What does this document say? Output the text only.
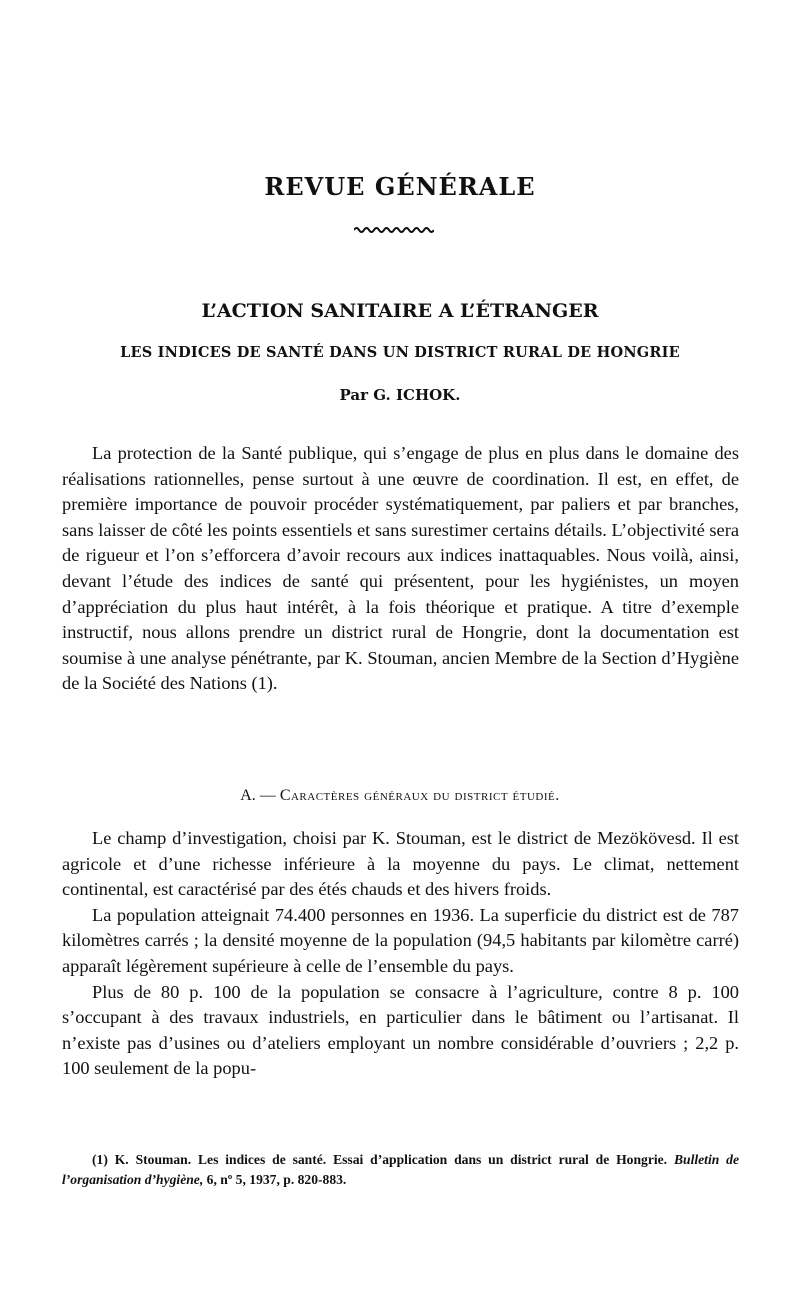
REVUE GÉNÉRALE
L’ACTION SANITAIRE A L’ÉTRANGER
LES INDICES DE SANTÉ DANS UN DISTRICT RURAL DE HONGRIE
Par G. ICHOK.

La protection de la Santé publique, qui s’engage de plus en plus dans le domaine des réalisations rationnelles, pense surtout à une œuvre de coordination. Il est, en effet, de première importance de pouvoir procéder systématiquement, par paliers et par branches, sans laisser de côté les points essentiels et sans surestimer certains détails. L’objectivité sera de rigueur et l’on s’efforcera d’avoir recours aux indices inattaquables. Nous voilà, ainsi, devant l’étude des indices de santé qui présentent, pour les hygiénistes, un moyen d’appréciation du plus haut intérêt, à la fois théorique et pratique. A titre d’exemple instructif, nous allons prendre un district rural de Hongrie, dont la documentation est soumise à une analyse pénétrante, par K. Stouman, ancien Membre de la Section d’Hygiène de la Société des Nations (1).

A. — Caractères généraux du district étudié.

Le champ d’investigation, choisi par K. Stouman, est le district de Mezökövesd. Il est agricole et d’une richesse inférieure à la moyenne du pays. Le climat, nettement continental, est caractérisé par des étés chauds et des hivers froids.

La population atteignait 74.400 personnes en 1936. La superficie du district est de 787 kilomètres carrés ; la densité moyenne de la population (94,5 habitants par kilomètre carré) apparaît légèrement supérieure à celle de l’ensemble du pays.

Plus de 80 p. 100 de la population se consacre à l’agriculture, contre 8 p. 100 s’occupant à des travaux industriels, en particulier dans le bâtiment ou l’artisanat. Il n’existe pas d’usines ou d’ateliers employant un nombre considérable d’ouvriers ; 2,2 p. 100 seulement de la popu-

(1) K. Stouman. Les indices de santé. Essai d’application dans un district rural de Hongrie. Bulletin de l’organisation d’hygiène, 6, nº 5, 1937, p. 820-883.
